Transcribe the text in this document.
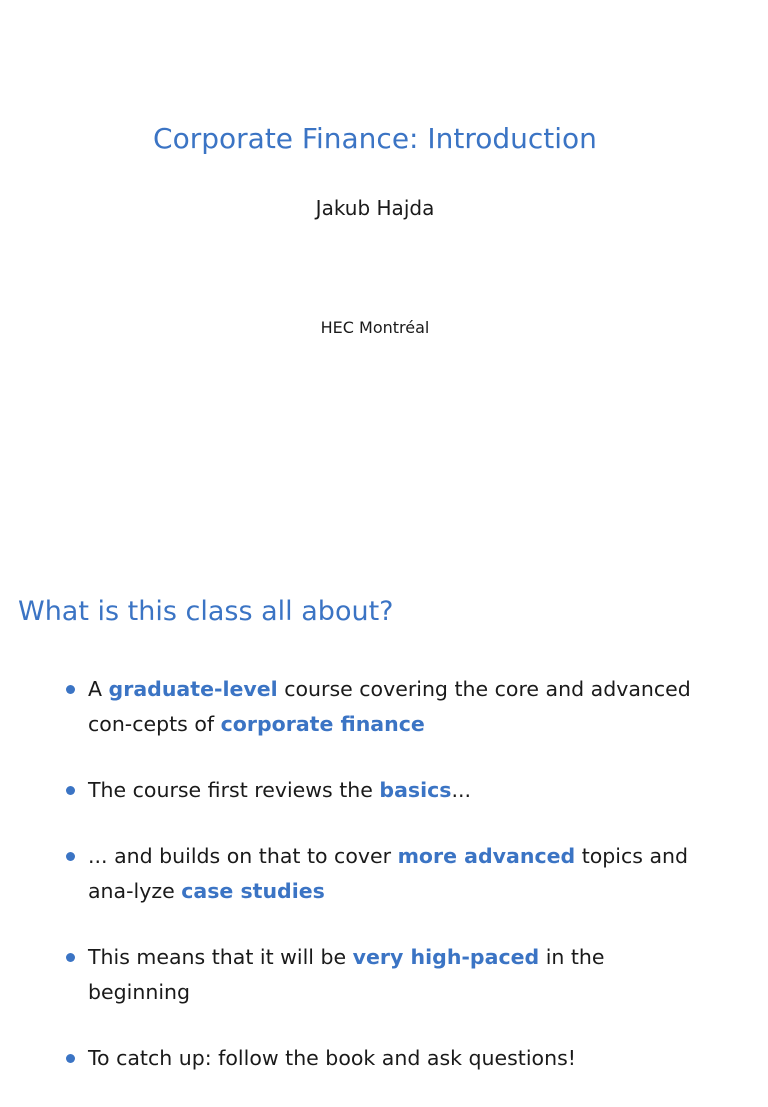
Corporate Finance: Introduction
Jakub Hajda
HEC Montréal
What is this class all about?
A graduate-level course covering the core and advanced con-cepts of corporate finance
The course first reviews the basics...
... and builds on that to cover more advanced topics and ana-lyze case studies
This means that it will be very high-paced in the beginning
To catch up: follow the book and ask questions!
